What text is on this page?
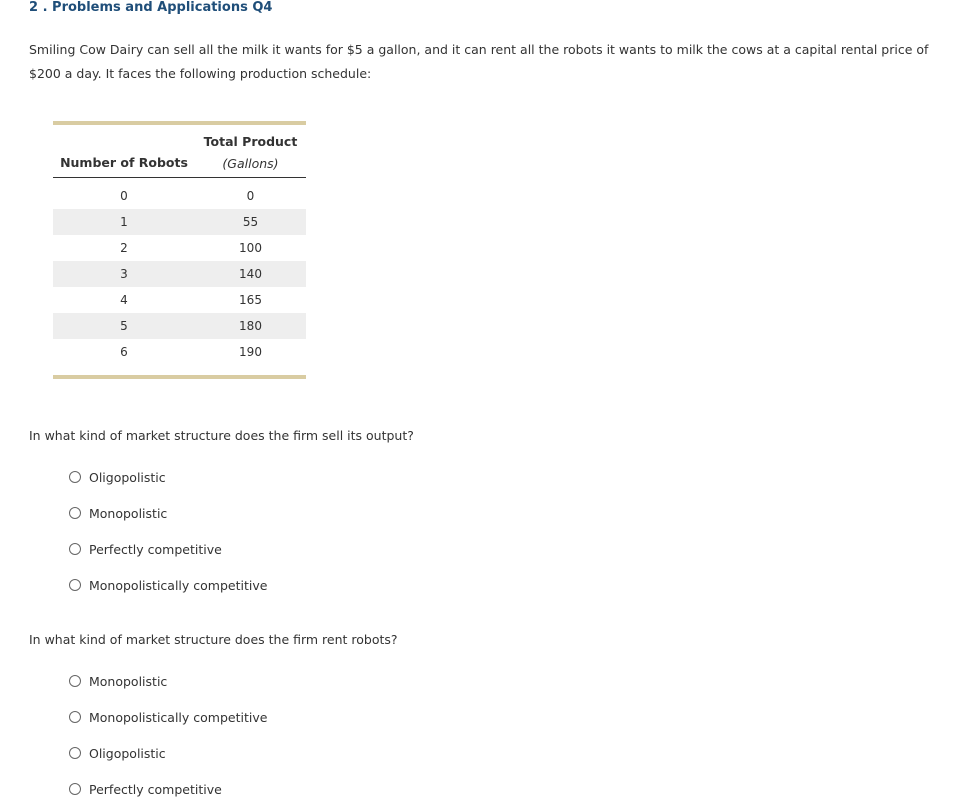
2 . Problems and Applications Q4
Smiling Cow Dairy can sell all the milk it wants for $5 a gallon, and it can rent all the robots it wants to milk the cows at a capital rental price of $200 a day. It faces the following production schedule:
Number of Robots
Total Product
(Gallons)
0	0
1	55
2	100
3	140
4	165
5	180
6	190
In what kind of market structure does the firm sell its output?
Oligopolistic
Monopolistic
Perfectly competitive
Monopolistically competitive
In what kind of market structure does the firm rent robots?
Monopolistic
Monopolistically competitive
Oligopolistic
Perfectly competitive
